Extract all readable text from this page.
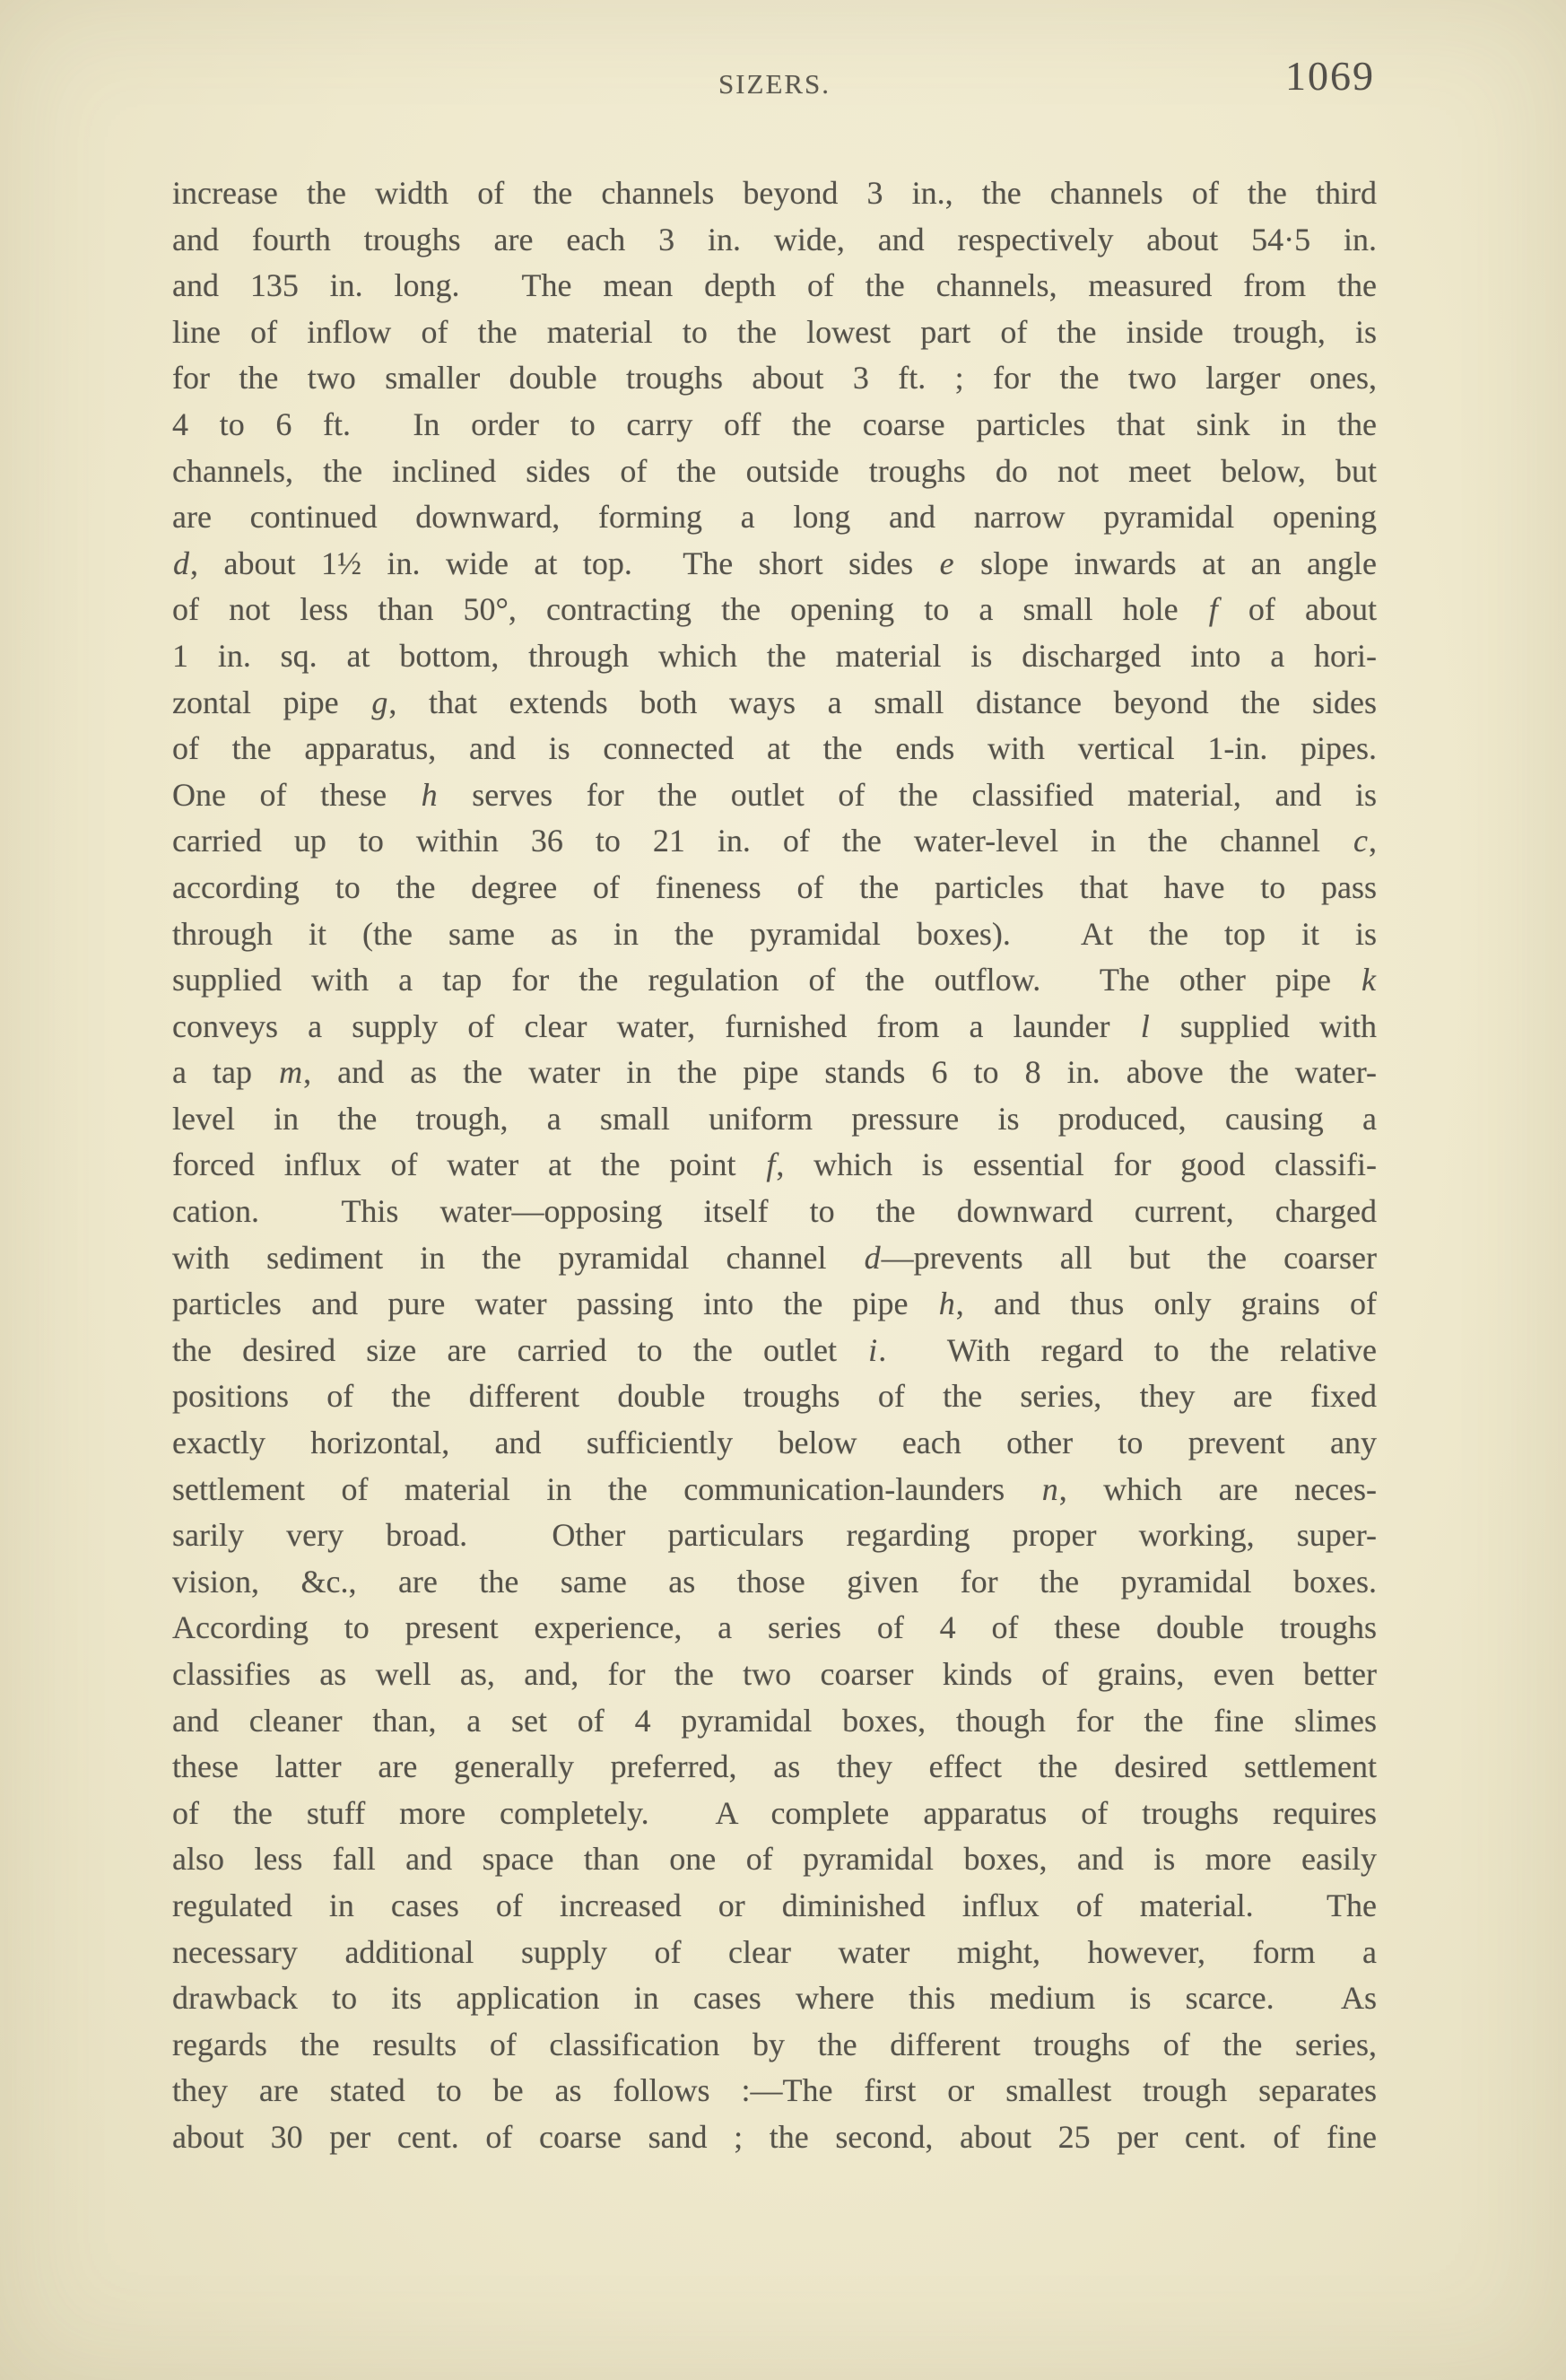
SIZERS.	1069
increase the width of the channels beyond 3 in., the channels of the third
and fourth troughs are each 3 in. wide, and respectively about 54·5 in.
and 135 in. long.  The mean depth of the channels, measured from the
line of inflow of the material to the lowest part of the inside trough, is
for the two smaller double troughs about 3 ft. ; for the two larger ones,
4 to 6 ft.  In order to carry off the coarse particles that sink in the
channels, the inclined sides of the outside troughs do not meet below, but
are continued downward, forming a long and narrow pyramidal opening
d, about 1½ in. wide at top.  The short sides e slope inwards at an angle
of not less than 50°, contracting the opening to a small hole f of about
1 in. sq. at bottom, through which the material is discharged into a hori-
zontal pipe g, that extends both ways a small distance beyond the sides
of the apparatus, and is connected at the ends with vertical 1-in. pipes.
One of these h serves for the outlet of the classified material, and is
carried up to within 36 to 21 in. of the water-level in the channel c,
according to the degree of fineness of the particles that have to pass
through it (the same as in the pyramidal boxes).  At the top it is
supplied with a tap for the regulation of the outflow.  The other pipe k
conveys a supply of clear water, furnished from a launder l supplied with
a tap m, and as the water in the pipe stands 6 to 8 in. above the water-
level in the trough, a small uniform pressure is produced, causing a
forced influx of water at the point f, which is essential for good classifi-
cation.  This water—opposing itself to the downward current, charged
with sediment in the pyramidal channel d—prevents all but the coarser
particles and pure water passing into the pipe h, and thus only grains of
the desired size are carried to the outlet i.  With regard to the relative
positions of the different double troughs of the series, they are fixed
exactly horizontal, and sufficiently below each other to prevent any
settlement of material in the communication-launders n, which are neces-
sarily very broad.  Other particulars regarding proper working, super-
vision, &c., are the same as those given for the pyramidal boxes.
According to present experience, a series of 4 of these double troughs
classifies as well as, and, for the two coarser kinds of grains, even better
and cleaner than, a set of 4 pyramidal boxes, though for the fine slimes
these latter are generally preferred, as they effect the desired settlement
of the stuff more completely.  A complete apparatus of troughs requires
also less fall and space than one of pyramidal boxes, and is more easily
regulated in cases of increased or diminished influx of material.  The
necessary additional supply of clear water might, however, form a
drawback to its application in cases where this medium is scarce.  As
regards the results of classification by the different troughs of the series,
they are stated to be as follows :—The first or smallest trough separates
about 30 per cent. of coarse sand ; the second, about 25 per cent. of fine
